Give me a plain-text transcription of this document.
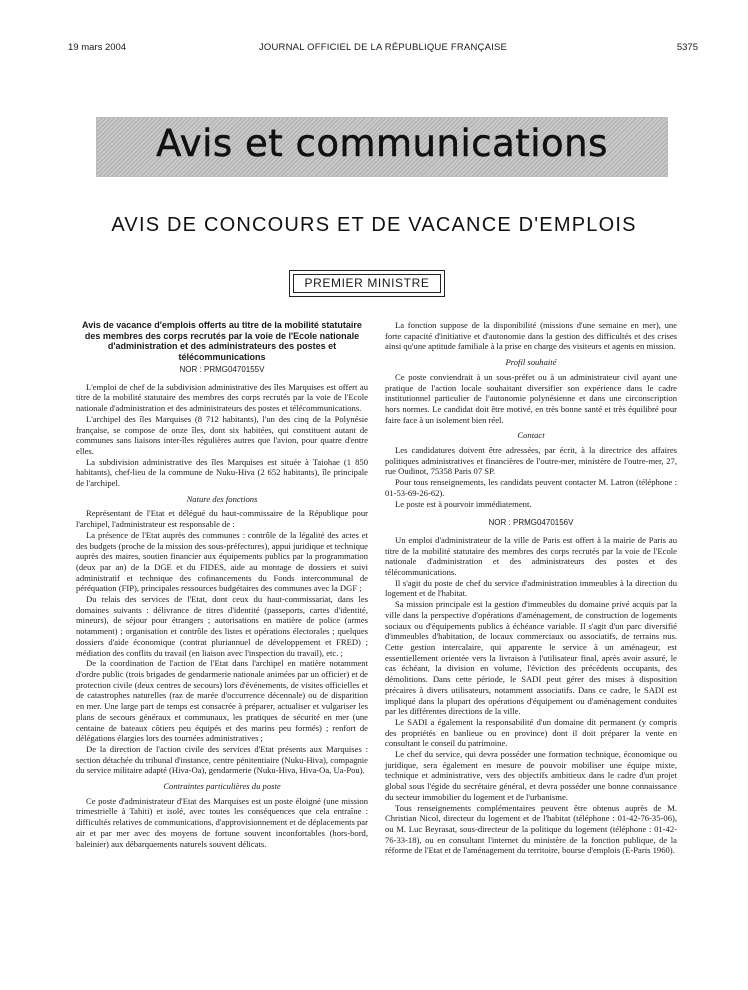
19 mars 2004	JOURNAL OFFICIEL DE LA RÉPUBLIQUE FRANÇAISE	5375
Avis et communications
AVIS DE CONCOURS ET DE VACANCE D'EMPLOIS
PREMIER MINISTRE

Avis de vacance d'emplois offerts au titre de la mobilité statutaire des membres des corps recrutés par la voie de l'Ecole nationale d'administration et des administrateurs des postes et télécommunications

NOR : PRMG0470155V

L'emploi de chef de la subdivision administrative des îles Marquises est offert au titre de la mobilité statutaire des membres des corps recrutés par la voie de l'Ecole nationale d'administration et des administrateurs des postes et télécommunications.

L'archipel des îles Marquises (8 712 habitants), l'un des cinq de la Polynésie française, se compose de onze îles, dont six habitées, qui constituent autant de communes sans liaisons inter-îles régulières autres que l'avion, pour quatre d'entre elles.

La subdivision administrative des îles Marquises est située à Taiohae (1 850 habitants), chef-lieu de la commune de Nuku-Hiva (2 652 habitants), île principale de l'archipel.

Nature des fonctions

Représentant de l'Etat et délégué du haut-commissaire de la République pour l'archipel, l'administrateur est responsable de :

La présence de l'Etat auprès des communes : contrôle de la légalité des actes et des budgets (proche de la mission des sous-préfectures), appui juridique et technique auprès des maires, soutien financier aux équipements publics par la programmation (deux par an) de la DGE et du FIDES, aide au montage de dossiers et suivi administratif et technique des cofinancements du Fonds intercommunal de péréquation (FIP), principales ressources budgétaires des communes avec la DGF ;

Du relais des services de l'Etat, dont ceux du haut-commissariat, dans les domaines suivants : délivrance de titres d'identité (passeports, cartes d'identité, mineurs), de séjour pour étrangers ; autorisations en matière de police (armes notamment) ; organisation et contrôle des listes et opérations électorales ; quelques dossiers d'aide économique (contrat pluriannuel de développement et FRED) ; médiation des conflits du travail (en liaison avec l'inspection du travail), etc. ;

De la coordination de l'action de l'Etat dans l'archipel en matière notamment d'ordre public (trois brigades de gendarmerie nationale animées par un officier) et de protection civile (deux centres de secours) lors d'événements, de visites officielles et de catastrophes naturelles (raz de marée d'occurrence décennale) ou de disparition en mer. Une large part de temps est consacrée à préparer, actualiser et vulgariser les plans de secours généraux et communaux, les pratiques de sécurité en mer (une centaine de bateaux côtiers peu équipés et des marins peu formés) ; renfort de délégations élargies lors des tournées administratives ;

De la direction de l'action civile des services d'Etat présents aux Marquises : section détachée du tribunal d'instance, centre pénitentiaire (Nuku-Hiva), compagnie du service militaire adapté (Hiva-Oa), gendarmerie (Nuku-Hiva, Hiva-Oa, Ua-Pou).

Contraintes particulières du poste

Ce poste d'administrateur d'Etat des Marquises est un poste éloigné (une mission trimestrielle à Tahiti) et isolé, avec toutes les conséquences que cela entraîne : difficultés relatives de communications, d'approvisionnement et de déplacements par air et par mer avec des moyens de fortune souvent inconfortables (hors-bord, baleinier) aux débarquements naturels souvent délicats.

La fonction suppose de la disponibilité (missions d'une semaine en mer), une forte capacité d'initiative et d'autonomie dans la gestion des difficultés et des crises ainsi qu'une aptitude familiale à la prise en charge des visiteurs et agents en mission.

Profil souhaité

Ce poste conviendrait à un sous-préfet ou à un administrateur civil ayant une pratique de l'action locale souhaitant diversifier son expérience dans le cadre institutionnel particulier de l'autonomie polynésienne et dans une circonscription hors normes. Le candidat doit être motivé, en très bonne santé et très équilibré pour faire face à un isolement bien réel.

Contact

Les candidatures doivent être adressées, par écrit, à la directrice des affaires politiques administratives et financières de l'outre-mer, ministère de l'outre-mer, 27, rue Oudinot, 75358 Paris 07 SP.

Pour tous renseignements, les candidats peuvent contacter M. Latron (téléphone : 01-53-69-26-62).

Le poste est à pourvoir immédiatement.

NOR : PRMG0470156V

Un emploi d'administrateur de la ville de Paris est offert à la mairie de Paris au titre de la mobilité statutaire des membres des corps recrutés par la voie de l'Ecole nationale d'administration et des administrateurs des postes et des télécommunications.

Il s'agit du poste de chef du service d'administration immeubles à la direction du logement et de l'habitat.

Sa mission principale est la gestion d'immeubles du domaine privé acquis par la ville dans la perspective d'opérations d'aménagement, de construction de logements sociaux ou d'équipements publics à échéance variable. Il s'agit d'un parc diversifié d'immeubles d'habitation, de locaux commerciaux ou associatifs, de terrains nus. Cette gestion intercalaire, qui apparente le service à un aménageur, est essentiellement orientée vers la livraison à l'utilisateur final, après avoir assuré, le cas échéant, la division en volume, l'éviction des précédents occupants, des démolitions. Dans cette période, le SADI peut gérer des mises à disposition précaires à divers utilisateurs, notamment associatifs. Dans ce cadre, le SADI est impliqué dans la plupart des opérations d'équipement ou d'aménagement conduites par les différentes directions de la ville.

Le SADI a également la responsabilité d'un domaine dit permanent (y compris des propriétés en banlieue ou en province) dont il doit préparer la vente en consultant le conseil du patrimoine.

Le chef du service, qui devra posséder une formation technique, économique ou juridique, sera également en mesure de pouvoir mobiliser une équipe mixte, technique et administrative, vers des objectifs ambitieux dans le cadre d'un projet global sous l'égide du secrétaire général, et devra posséder une bonne connaissance du secteur immobilier du logement et de l'urbanisme.

Tous renseignements complémentaires peuvent être obtenus auprès de M. Christian Nicol, directeur du logement et de l'habitat (téléphone : 01-42-76-35-06), ou M. Luc Beyrasat, sous-directeur de la politique du logement (téléphone : 01-42-76-33-18), ou en consultant l'internet du ministère de la fonction publique, de la réforme de l'Etat et de l'aménagement du territoire, bourse d'emplois (E-Paris 1960).
